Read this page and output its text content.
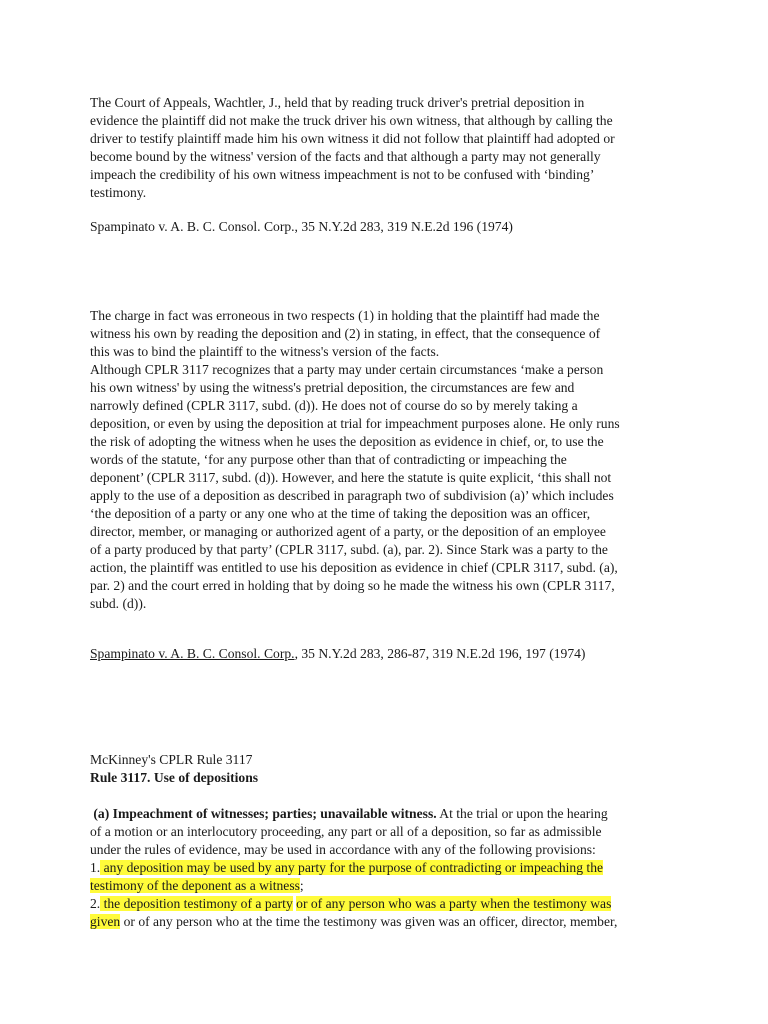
The Court of Appeals, Wachtler, J., held that by reading truck driver's pretrial deposition in
evidence the plaintiff did not make the truck driver his own witness, that although by calling the
driver to testify plaintiff made him his own witness it did not follow that plaintiff had adopted or
become bound by the witness' version of the facts and that although a party may not generally
impeach the credibility of his own witness impeachment is not to be confused with ‘binding’
testimony.

Spampinato v. A. B. C. Consol. Corp., 35 N.Y.2d 283, 319 N.E.2d 196 (1974)

The charge in fact was erroneous in two respects (1) in holding that the plaintiff had made the
witness his own by reading the deposition and (2) in stating, in effect, that the consequence of
this was to bind the plaintiff to the witness's version of the facts.
Although CPLR 3117 recognizes that a party may under certain circumstances ‘make a person
his own witness' by using the witness's pretrial deposition, the circumstances are few and
narrowly defined (CPLR 3117, subd. (d)). He does not of course do so by merely taking a
deposition, or even by using the deposition at trial for impeachment purposes alone. He only runs
the risk of adopting the witness when he uses the deposition as evidence in chief, or, to use the
words of the statute, ‘for any purpose other than that of contradicting or impeaching the
deponent’ (CPLR 3117, subd. (d)). However, and here the statute is quite explicit, ‘this shall not
apply to the use of a deposition as described in paragraph two of subdivision (a)’ which includes
‘the deposition of a party or any one who at the time of taking the deposition was an officer,
director, member, or managing or authorized agent of a party, or the deposition of an employee
of a party produced by that party’ (CPLR 3117, subd. (a), par. 2). Since Stark was a party to the
action, the plaintiff was entitled to use his deposition as evidence in chief (CPLR 3117, subd. (a),
par. 2) and the court erred in holding that by doing so he made the witness his own (CPLR 3117,
subd. (d)).

Spampinato v. A. B. C. Consol. Corp., 35 N.Y.2d 283, 286-87, 319 N.E.2d 196, 197 (1974)

McKinney's CPLR Rule 3117
Rule 3117. Use of depositions

(a) Impeachment of witnesses; parties; unavailable witness. At the trial or upon the hearing
of a motion or an interlocutory proceeding, any part or all of a deposition, so far as admissible
under the rules of evidence, may be used in accordance with any of the following provisions:
1. any deposition may be used by any party for the purpose of contradicting or impeaching the
testimony of the deponent as a witness;
2. the deposition testimony of a party or of any person who was a party when the testimony was
given or of any person who at the time the testimony was given was an officer, director, member,
